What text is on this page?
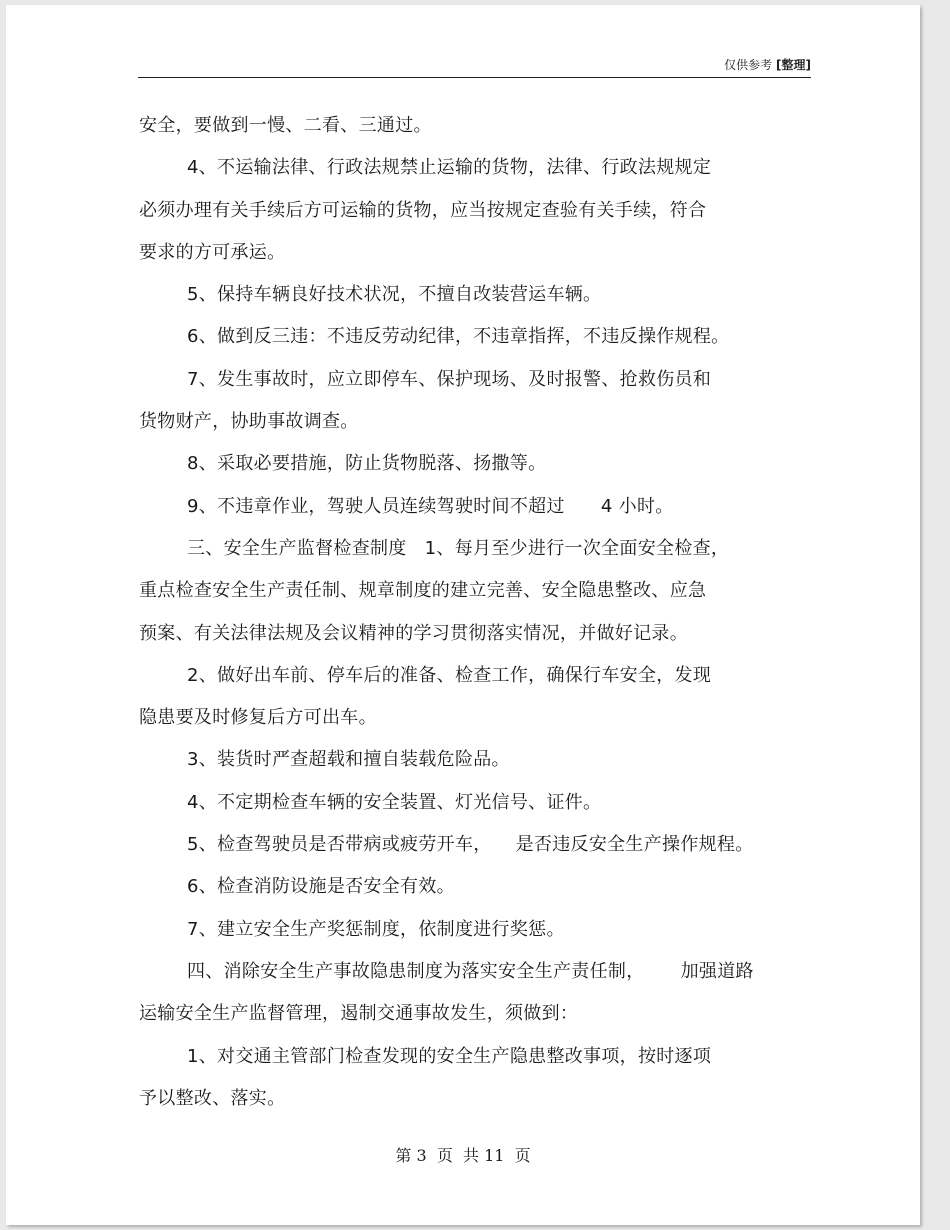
仅供参考 [整理]
安全，要做到一慢、二看、三通过。
4、不运输法律、行政法规禁止运输的货物，法律、行政法规规定
必须办理有关手续后方可运输的货物，应当按规定查验有关手续，符合
要求的方可承运。
5、保持车辆良好技术状况，不擅自改装营运车辆。
6、做到反三违：不违反劳动纪律，不违章指挥，不违反操作规程。
7、发生事故时，应立即停车、保护现场、及时报警、抢救伤员和
货物财产，协助事故调查。
8、采取必要措施，防止货物脱落、扬撒等。
9、不违章作业，驾驶人员连续驾驶时间不超过      4 小时。
三、安全生产监督检查制度   1、每月至少进行一次全面安全检查，
重点检查安全生产责任制、规章制度的建立完善、安全隐患整改、应急
预案、有关法律法规及会议精神的学习贯彻落实情况，并做好记录。
2、做好出车前、停车后的准备、检查工作，确保行车安全，发现
隐患要及时修复后方可出车。
3、装货时严查超载和擅自装载危险品。
4、不定期检查车辆的安全装置、灯光信号、证件。
5、检查驾驶员是否带病或疲劳开车，    是否违反安全生产操作规程。
6、检查消防设施是否安全有效。
7、建立安全生产奖惩制度，依制度进行奖惩。
四、消除安全生产事故隐患制度为落实安全生产责任制，      加强道路
运输安全生产监督管理，遏制交通事故发生，须做到：
1、对交通主管部门检查发现的安全生产隐患整改事项，按时逐项
予以整改、落实。
第 3  页  共 11  页
